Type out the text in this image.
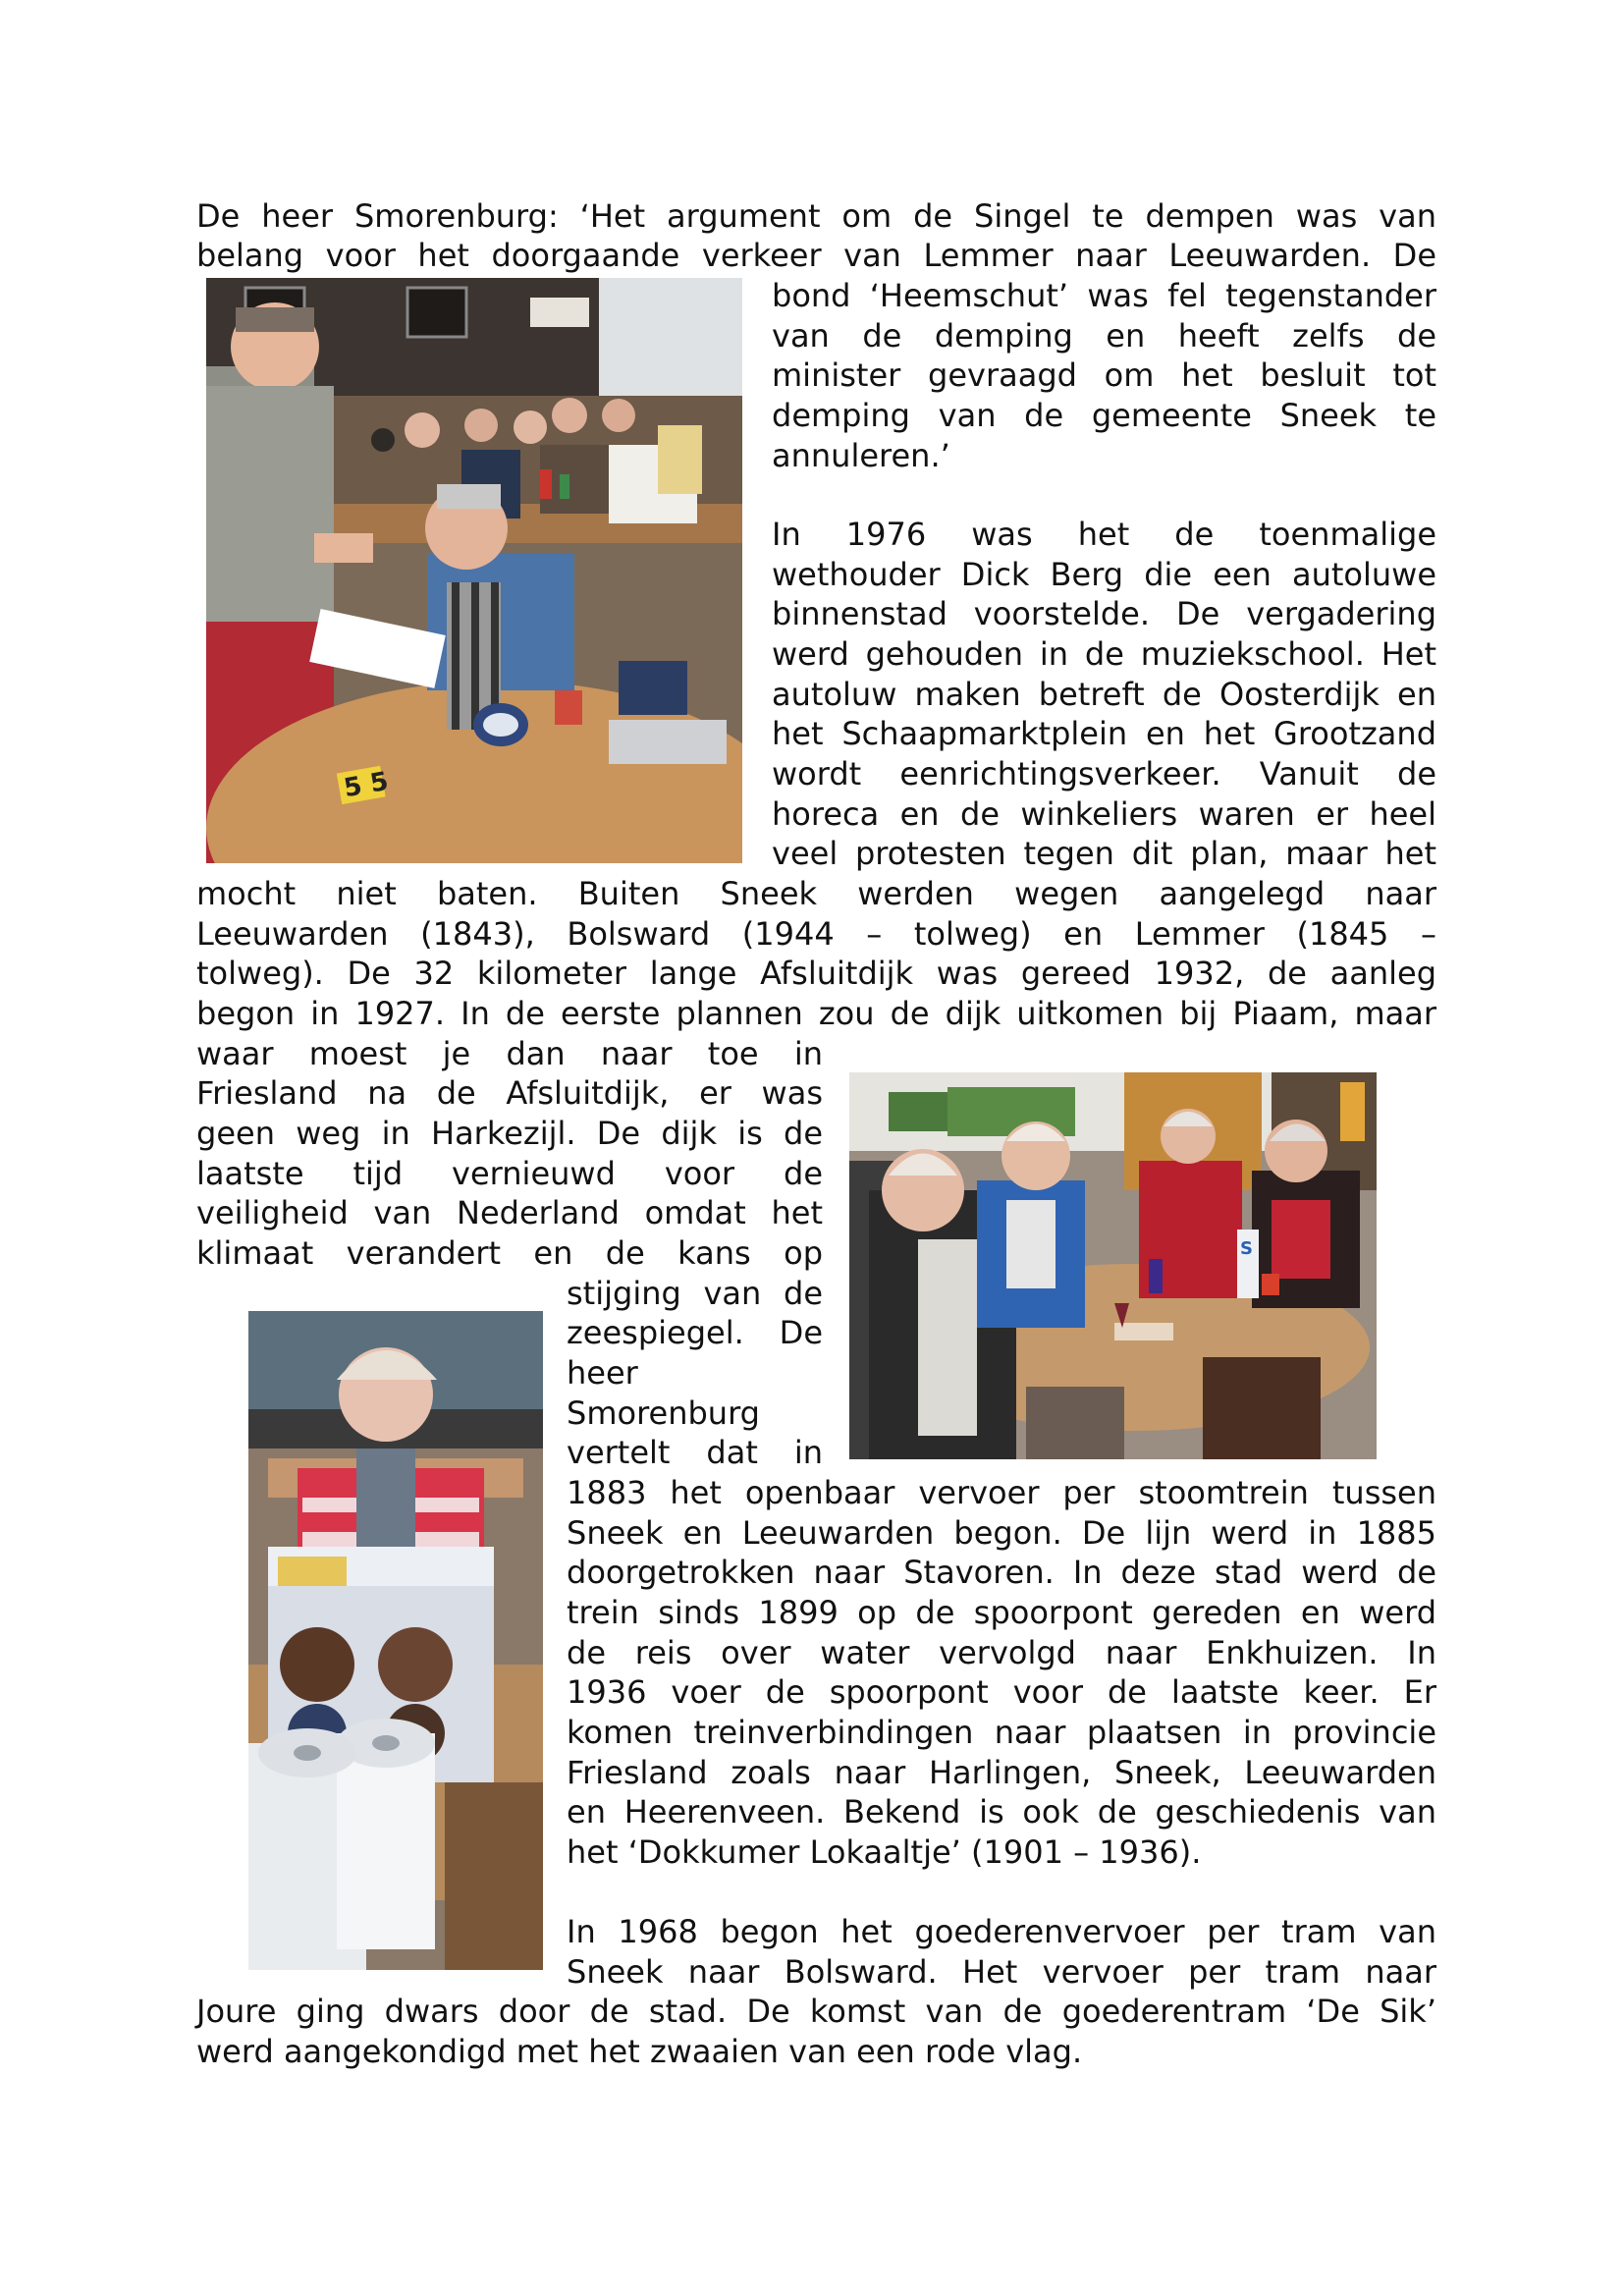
De heer Smorenburg: ‘Het argument om de Singel te dempen was van
belang voor het doorgaande verkeer van Lemmer naar Leeuwarden. De
bond ‘Heemschut’ was fel tegenstander
van de demping en heeft zelfs de
minister gevraagd om het besluit tot
demping van de gemeente Sneek te
annuleren.’
In 1976 was het de toenmalige
wethouder Dick Berg die een autoluwe
binnenstad voorstelde. De vergadering
werd gehouden in de muziekschool. Het
autoluw maken betreft de Oosterdijk en
het Schaapmarktplein en het Grootzand
wordt eenrichtingsverkeer. Vanuit de
horeca en de winkeliers waren er heel
veel protesten tegen dit plan, maar het
mocht niet baten. Buiten Sneek werden wegen aangelegd naar
Leeuwarden (1843), Bolsward (1944 – tolweg) en Lemmer (1845 –
tolweg). De 32 kilometer lange Afsluitdijk was gereed 1932, de aanleg
begon in 1927. In de eerste plannen zou de dijk uitkomen bij Piaam, maar
waar moest je dan naar toe in
Friesland na de Afsluitdijk, er was
geen weg in Harkezijl. De dijk is de
laatste tijd vernieuwd voor de
veiligheid van Nederland omdat het
klimaat verandert en de kans op
stijging van de
zeespiegel. De
heer
Smorenburg
vertelt dat in
1883 het openbaar vervoer per stoomtrein tussen
Sneek en Leeuwarden begon. De lijn werd in 1885
doorgetrokken naar Stavoren. In deze stad werd de
trein sinds 1899 op de spoorpont gereden en werd
de reis over water vervolgd naar Enkhuizen. In
1936 voer de spoorpont voor de laatste keer. Er
komen treinverbindingen naar plaatsen in provincie
Friesland zoals naar Harlingen, Sneek, Leeuwarden
en Heerenveen. Bekend is ook de geschiedenis van
het ‘Dokkumer Lokaaltje’ (1901 – 1936).
In 1968 begon het goederenvervoer per tram van
Sneek naar Bolsward. Het vervoer per tram naar
Joure ging dwars door de stad. De komst van de goederentram ‘De Sik’
werd aangekondigd met het zwaaien van een rode vlag.
5 5
S
